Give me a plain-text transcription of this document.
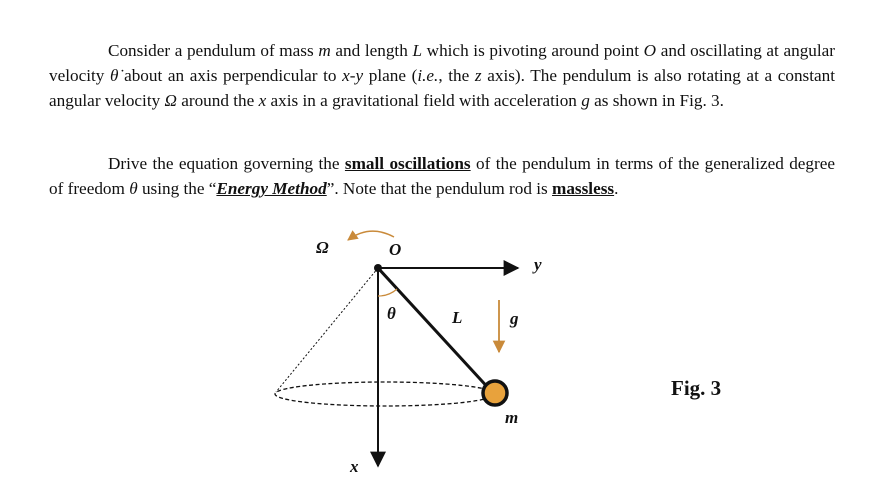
Consider a pendulum of mass m and length L which is pivoting around point O and oscillating at angular velocity θ̇ about an axis perpendicular to x-y plane (i.e., the z axis). The pendulum is also rotating at a constant angular velocity Ω around the x axis in a gravitational field with acceleration g as shown in Fig. 3.
Drive the equation governing the small oscillations of the pendulum in terms of the generalized degree of freedom θ using the “Energy Method”. Note that the pendulum rod is massless.
Ω	O
y
θ	L	g
m
x
Fig. 3
